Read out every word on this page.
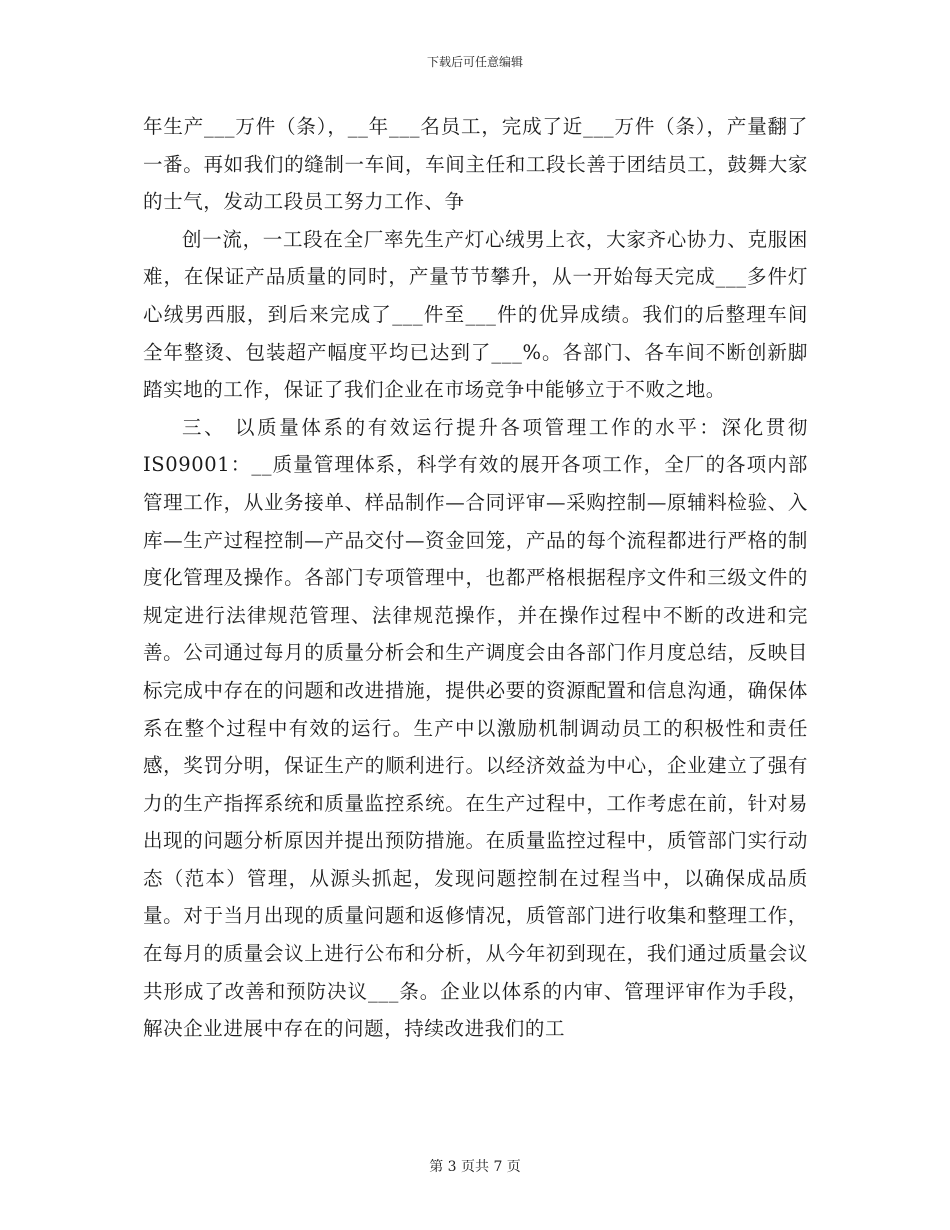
下载后可任意编辑

年生产___万件（条），__年___名员工，完成了近___万件（条），产量翻了一番。再如我们的缝制一车间，车间主任和工段长善于团结员工，鼓舞大家的士气，发动工段员工努力工作、争

创一流，一工段在全厂率先生产灯心绒男上衣，大家齐心协力、克服困难，在保证产品质量的同时，产量节节攀升，从一开始每天完成___多件灯心绒男西服，到后来完成了___件至___件的优异成绩。我们的后整理车间全年整烫、包装超产幅度平均已达到了___%。各部门、各车间不断创新脚踏实地的工作，保证了我们企业在市场竞争中能够立于不败之地。

三、 以质量体系的有效运行提升各项管理工作的水平：深化贯彻IS09001：__质量管理体系，科学有效的展开各项工作，全厂的各项内部管理工作，从业务接单、样品制作—合同评审—采购控制—原辅料检验、入库—生产过程控制—产品交付—资金回笼，产品的每个流程都进行严格的制度化管理及操作。各部门专项管理中，也都严格根据程序文件和三级文件的规定进行法律规范管理、法律规范操作，并在操作过程中不断的改进和完善。公司通过每月的质量分析会和生产调度会由各部门作月度总结，反映目标完成中存在的问题和改进措施，提供必要的资源配置和信息沟通，确保体系在整个过程中有效的运行。生产中以激励机制调动员工的积极性和责任感，奖罚分明，保证生产的顺利进行。以经济效益为中心，企业建立了强有力的生产指挥系统和质量监控系统。在生产过程中，工作考虑在前，针对易出现的问题分析原因并提出预防措施。在质量监控过程中，质管部门实行动态（范本）管理，从源头抓起，发现问题控制在过程当中，以确保成品质量。对于当月出现的质量问题和返修情况，质管部门进行收集和整理工作，在每月的质量会议上进行公布和分析，从今年初到现在，我们通过质量会议共形成了改善和预防决议___条。企业以体系的内审、管理评审作为手段，解决企业进展中存在的问题，持续改进我们的工

第 3 页共 7 页
